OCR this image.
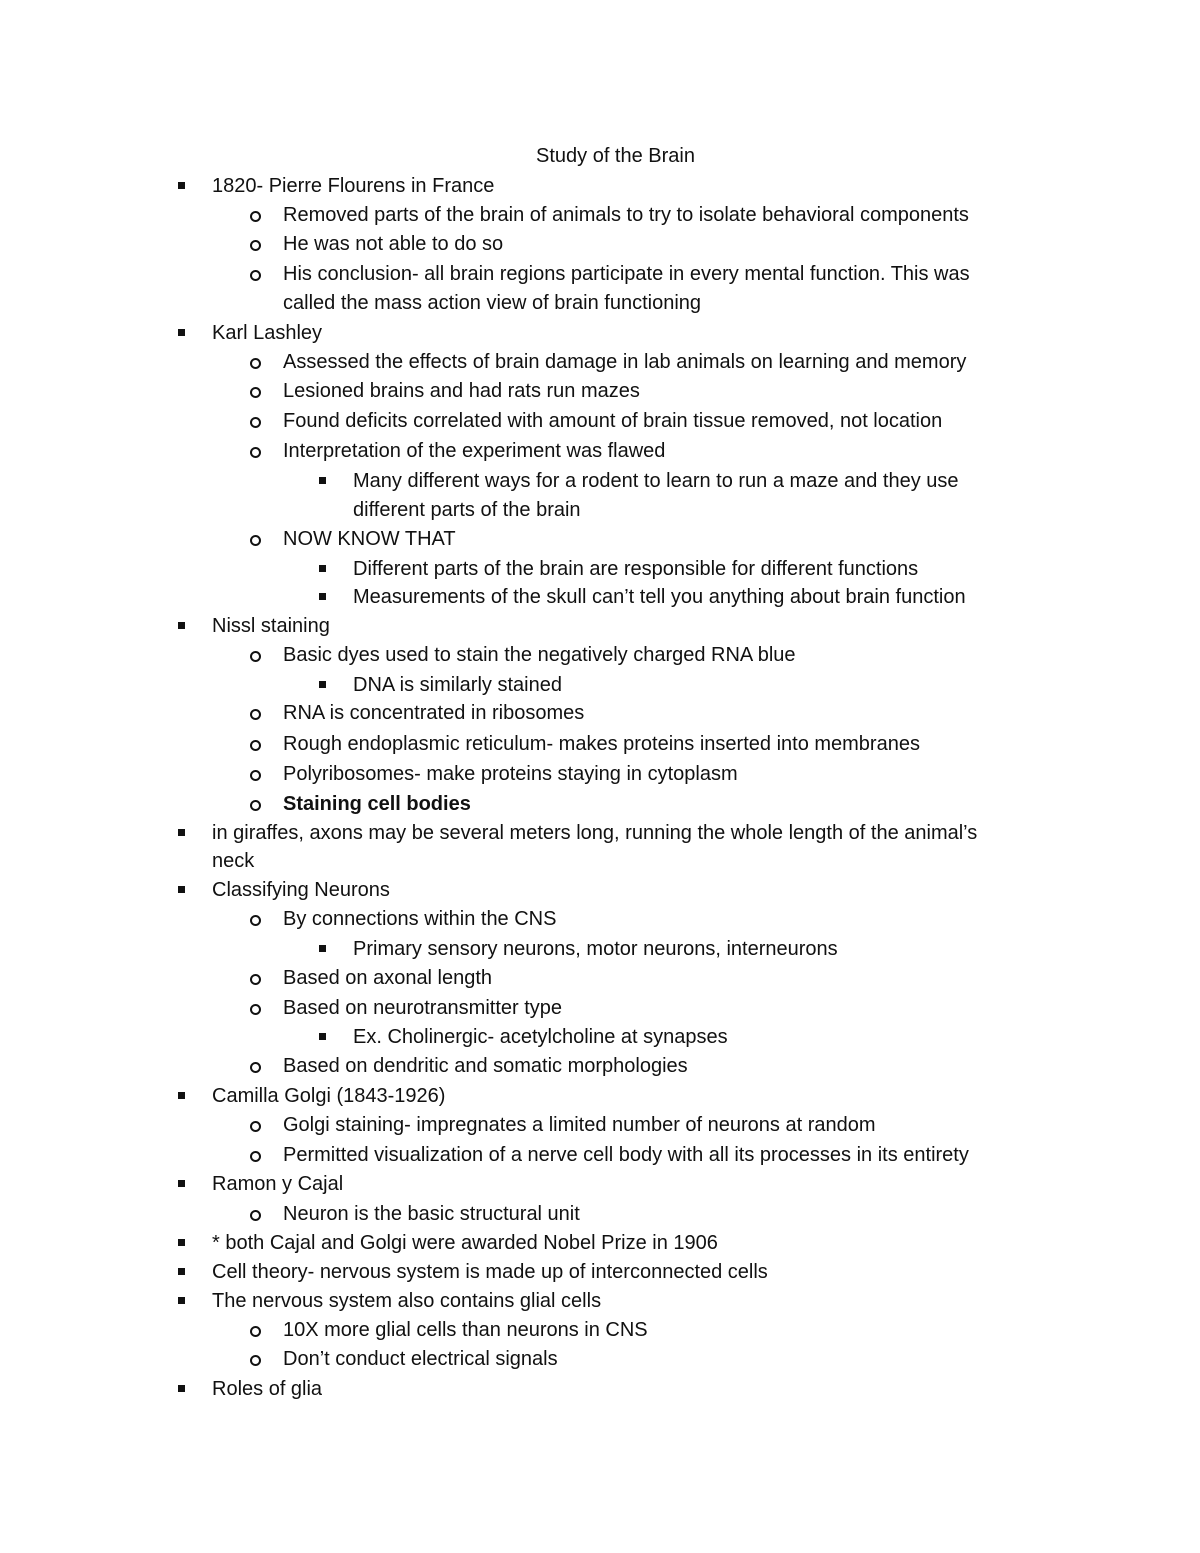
Study of the Brain
1820- Pierre Flourens in France
Removed parts of the brain of animals to try to isolate behavioral components
He was not able to do so
His conclusion- all brain regions participate in every mental function. This was
called the mass action view of brain functioning
Karl Lashley
Assessed the effects of brain damage in lab animals on learning and memory
Lesioned brains and had rats run mazes
Found deficits correlated with amount of brain tissue removed, not location
Interpretation of the experiment was flawed
Many different ways for a rodent to learn to run a maze and they use
different parts of the brain
NOW KNOW THAT
Different parts of the brain are responsible for different functions
Measurements of the skull can’t tell you anything about brain function
Nissl staining
Basic dyes used to stain the negatively charged RNA blue
DNA is similarly stained
RNA is concentrated in ribosomes
Rough endoplasmic reticulum- makes proteins inserted into membranes
Polyribosomes- make proteins staying in cytoplasm
Staining cell bodies
in giraffes, axons may be several meters long, running the whole length of the animal’s
neck
Classifying Neurons
By connections within the CNS
Primary sensory neurons, motor neurons, interneurons
Based on axonal length
Based on neurotransmitter type
Ex. Cholinergic- acetylcholine at synapses
Based on dendritic and somatic morphologies
Camilla Golgi (1843-1926)
Golgi staining- impregnates a limited number of neurons at random
Permitted visualization of a nerve cell body with all its processes in its entirety
Ramon y Cajal
Neuron is the basic structural unit
* both Cajal and Golgi were awarded Nobel Prize in 1906
Cell theory- nervous system is made up of interconnected cells
The nervous system also contains glial cells
10X more glial cells than neurons in CNS
Don’t conduct electrical signals
Roles of glia
